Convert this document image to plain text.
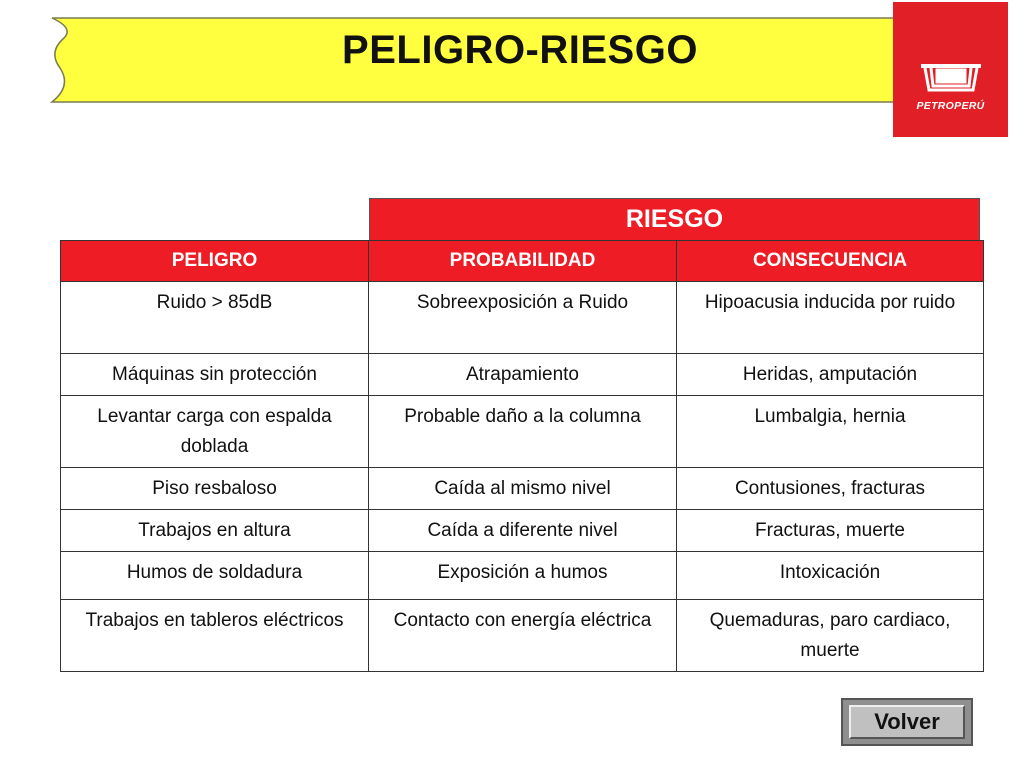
PELIGRO-RIESGO
PETROPERÚ
RIESGO
PELIGRO	PROBABILIDAD	CONSECUENCIA
Ruido > 85dB	Sobreexposición a Ruido	Hipoacusia inducida por ruido
Máquinas sin protección	Atrapamiento	Heridas, amputación
Levantar carga con espalda doblada	Probable daño a la columna	Lumbalgia, hernia
Piso resbaloso	Caída al mismo nivel	Contusiones, fracturas
Trabajos en altura	Caída a diferente nivel	Fracturas, muerte
Humos de soldadura	Exposición a humos	Intoxicación
Trabajos en tableros eléctricos	Contacto con energía eléctrica	Quemaduras, paro cardiaco, muerte
Volver
